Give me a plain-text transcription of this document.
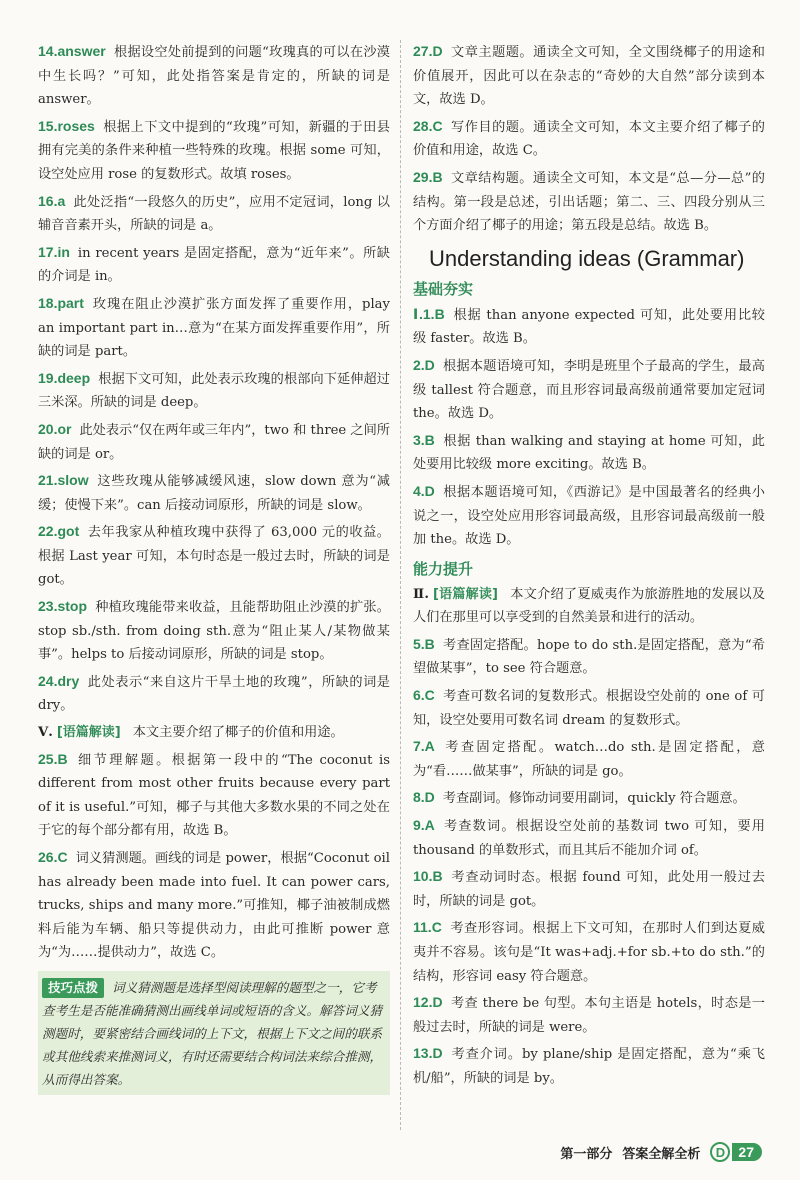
14.answer 根据设空处前提到的问题“玫瑰真的可以在沙漠中生长吗？”可知，此处指答案是肯定的，所缺的词是 answer。
15.roses 根据上下文中提到的“玫瑰”可知，新疆的于田县拥有完美的条件来种植一些特殊的玫瑰。根据 some 可知，设空处应用 rose 的复数形式。故填 roses。
16.a 此处泛指“一段悠久的历史”，应用不定冠词，long 以辅音音素开头，所缺的词是 a。
17.in in recent years 是固定搭配，意为“近年来”。所缺的介词是 in。
18.part 玫瑰在阻止沙漠扩张方面发挥了重要作用，play an important part in…意为“在某方面发挥重要作用”，所缺的词是 part。
19.deep 根据下文可知，此处表示玫瑰的根部向下延伸超过三米深。所缺的词是 deep。
20.or 此处表示“仅在两年或三年内”，two 和 three 之间所缺的词是 or。
21.slow 这些玫瑰从能够减缓风速，slow down 意为“减缓；使慢下来”。can 后接动词原形，所缺的词是 slow。
22.got 去年我家从种植玫瑰中获得了 63,000 元的收益。根据 Last year 可知，本句时态是一般过去时，所缺的词是 got。
23.stop 种植玫瑰能带来收益，且能帮助阻止沙漠的扩张。stop sb./sth. from doing sth.意为“阻止某人/某物做某事”。helps to 后接动词原形，所缺的词是 stop。
24.dry 此处表示“来自这片干旱土地的玫瑰”，所缺的词是 dry。
Ⅴ. [语篇解读] 本文主要介绍了椰子的价值和用途。
25.B 细节理解题。根据第一段中的“The coconut is different from most other fruits because every part of it is useful.”可知，椰子与其他大多数水果的不同之处在于它的每个部分都有用，故选 B。
26.C 词义猜测题。画线的词是 power，根据“Coconut oil has already been made into fuel. It can power cars, trucks, ships and many more.”可推知，椰子油被制成燃料后能为车辆、船只等提供动力，由此可推断 power 意为“为……提供动力”，故选 C。
技巧点拨 词义猜测题是选择型阅读理解的题型之一，它考查考生是否能准确猜测出画线单词或短语的含义。解答词义猜测题时，要紧密结合画线词的上下文，根据上下文之间的联系或其他线索来推测词义，有时还需要结合构词法来综合推测，从而得出答案。
27.D 文章主题题。通读全文可知，全文围绕椰子的用途和价值展开，因此可以在杂志的“奇妙的大自然”部分读到本文，故选 D。
28.C 写作目的题。通读全文可知，本文主要介绍了椰子的价值和用途，故选 C。
29.B 文章结构题。通读全文可知，本文是“总—分—总”的结构。第一段是总述，引出话题；第二、三、四段分别从三个方面介绍了椰子的用途；第五段是总结。故选 B。
Understanding ideas (Grammar)
基础夯实
Ⅰ.1.B 根据 than anyone expected 可知，此处要用比较级 faster。故选 B。
2.D 根据本题语境可知，李明是班里个子最高的学生，最高级 tallest 符合题意，而且形容词最高级前通常要加定冠词 the。故选 D。
3.B 根据 than walking and staying at home 可知，此处要用比较级 more exciting。故选 B。
4.D 根据本题语境可知，《西游记》是中国最著名的经典小说之一，设空处应用形容词最高级，且形容词最高级前一般加 the。故选 D。
能力提升
Ⅱ. [语篇解读] 本文介绍了夏威夷作为旅游胜地的发展以及人们在那里可以享受到的自然美景和进行的活动。
5.B 考查固定搭配。hope to do sth.是固定搭配，意为“希望做某事”，to see 符合题意。
6.C 考查可数名词的复数形式。根据设空处前的 one of 可知，设空处要用可数名词 dream 的复数形式。
7.A 考查固定搭配。watch…do sth.是固定搭配，意为“看……做某事”，所缺的词是 go。
8.D 考查副词。修饰动词要用副词，quickly 符合题意。
9.A 考查数词。根据设空处前的基数词 two 可知，要用 thousand 的单数形式，而且其后不能加介词 of。
10.B 考查动词时态。根据 found 可知，此处用一般过去时，所缺的词是 got。
11.C 考查形容词。根据上下文可知，在那时人们到达夏威夷并不容易。该句是“It was+adj.+for sb.+to do sth.”的结构，形容词 easy 符合题意。
12.D 考查 there be 句型。本句主语是 hotels，时态是一般过去时，所缺的词是 were。
13.D 考查介词。by plane/ship 是固定搭配，意为“乘飞机/船”，所缺的词是 by。
第一部分 答案全解全析	D 27
